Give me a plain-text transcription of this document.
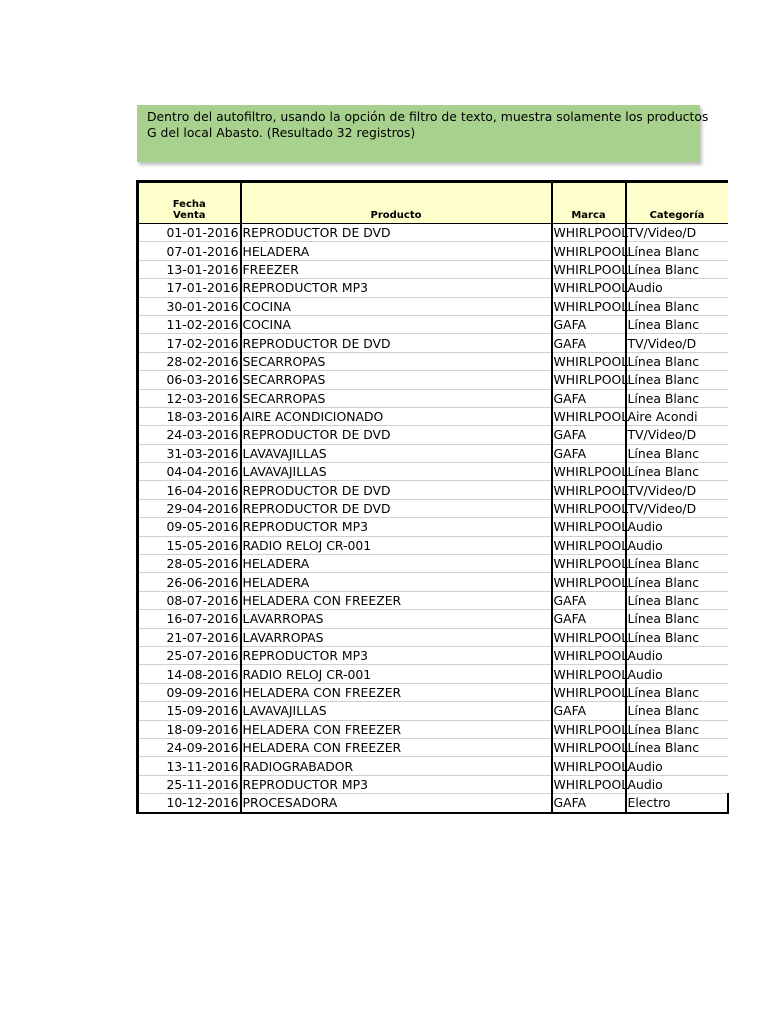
Dentro del autofiltro, usando la opción de filtro de texto, muestra solamente los productos G del local Abasto. (Resultado 32 registros)
Fecha
Venta	Producto	Marca	Categoría
01-01-2016	REPRODUCTOR DE DVD	WHIRLPOOL	TV/Video/D
07-01-2016	HELADERA	WHIRLPOOL	Línea Blanc
13-01-2016	FREEZER	WHIRLPOOL	Línea Blanc
17-01-2016	REPRODUCTOR MP3	WHIRLPOOL	Audio
30-01-2016	COCINA	WHIRLPOOL	Línea Blanc
11-02-2016	COCINA	GAFA	Línea Blanc
17-02-2016	REPRODUCTOR DE DVD	GAFA	TV/Video/D
28-02-2016	SECARROPAS	WHIRLPOOL	Línea Blanc
06-03-2016	SECARROPAS	WHIRLPOOL	Línea Blanc
12-03-2016	SECARROPAS	GAFA	Línea Blanc
18-03-2016	AIRE ACONDICIONADO	WHIRLPOOL	Aire Acondi
24-03-2016	REPRODUCTOR DE DVD	GAFA	TV/Video/D
31-03-2016	LAVAVAJILLAS	GAFA	Línea Blanc
04-04-2016	LAVAVAJILLAS	WHIRLPOOL	Línea Blanc
16-04-2016	REPRODUCTOR DE DVD	WHIRLPOOL	TV/Video/D
29-04-2016	REPRODUCTOR DE DVD	WHIRLPOOL	TV/Video/D
09-05-2016	REPRODUCTOR MP3	WHIRLPOOL	Audio
15-05-2016	RADIO RELOJ CR-001	WHIRLPOOL	Audio
28-05-2016	HELADERA	WHIRLPOOL	Línea Blanc
26-06-2016	HELADERA	WHIRLPOOL	Línea Blanc
08-07-2016	HELADERA CON FREEZER	GAFA	Línea Blanc
16-07-2016	LAVARROPAS	GAFA	Línea Blanc
21-07-2016	LAVARROPAS	WHIRLPOOL	Línea Blanc
25-07-2016	REPRODUCTOR MP3	WHIRLPOOL	Audio
14-08-2016	RADIO RELOJ CR-001	WHIRLPOOL	Audio
09-09-2016	HELADERA CON FREEZER	WHIRLPOOL	Línea Blanc
15-09-2016	LAVAVAJILLAS	GAFA	Línea Blanc
18-09-2016	HELADERA CON FREEZER	WHIRLPOOL	Línea Blanc
24-09-2016	HELADERA CON FREEZER	WHIRLPOOL	Línea Blanc
13-11-2016	RADIOGRABADOR	WHIRLPOOL	Audio
25-11-2016	REPRODUCTOR MP3	WHIRLPOOL	Audio
10-12-2016	PROCESADORA	GAFA	Electro
